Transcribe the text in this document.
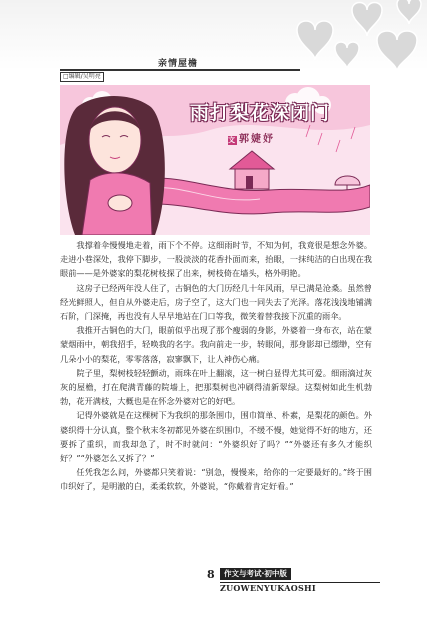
亲情屋檐
□编辑/吴明亮
雨打梨花深闭门
文 郭婕妤

我撑着伞慢慢地走着，雨下个不停。这细雨时节，不知为何，我竟很是想念外婆。走进小巷深处，我停下脚步，一股淡淡的花香扑面而来，抬眼，一抹纯洁的白出现在我眼前——是外婆家的梨花树枝探了出来，树枝倚在墙头，格外明艳。

这房子已经两年没人住了，古铜色的大门历经几十年风雨，早已满是沧桑。虽然曾经光鲜照人，但自从外婆走后，房子空了，这大门也一同失去了光泽。落花浅浅地铺满石阶，门深掩，再也没有人早早地站在门口等我，微笑着替我接下沉重的雨伞。

我推开古铜色的大门，眼前似乎出现了那个瘦弱的身影，外婆着一身布衣，站在蒙蒙烟雨中，朝我招手，轻唤我的名字。我向前走一步，转眼间，那身影却已缥缈，空有几朵小小的梨花，零零落落，寂寥飘下，让人神伤心痛。

院子里，梨树枝轻轻颤动，雨珠在叶上翻滚，这一树白显得尤其可爱。细雨滴过灰灰的屋檐，打在爬满青藤的院墙上，把那梨树也冲刷得清新翠绿。这梨树如此生机勃勃，花开满枝，大概也是在怀念外婆对它的好吧。

记得外婆就是在这棵树下为我织的那条围巾，围巾简单、朴素，是梨花的颜色。外婆织得十分认真，整个秋末冬初都见外婆在织围巾，不缓不慢，她觉得不好的地方，还要拆了重织，而我却急了，时不时就问：“外婆织好了吗？”“外婆还有多久才能织好？”“外婆怎么又拆了？”

任凭我怎么问，外婆都只笑着说：“别急，慢慢来，给你的一定要最好的。”终于围巾织好了，是明澈的白，柔柔软软，外婆说，“你戴着肯定好看。”

8	作文与考试·初中版
ZUOWENYUKAOSHI
